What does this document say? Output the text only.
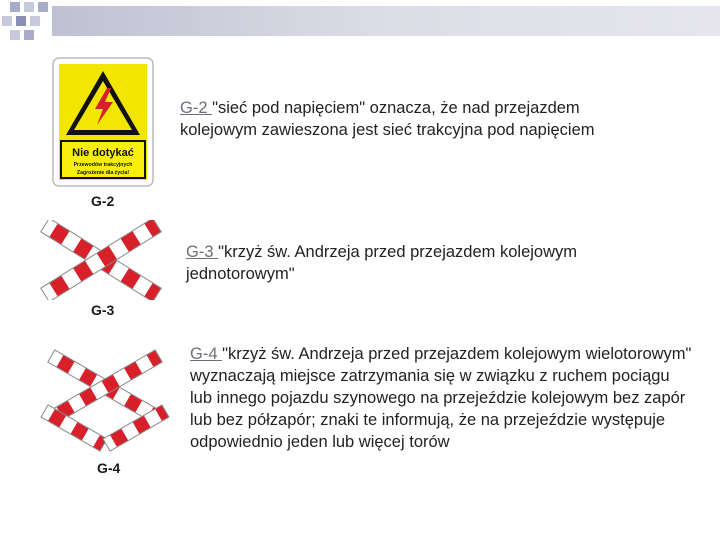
Nie dotykać
Przewodów trakcyjnych
Zagrożenie dla życia!
G-2
G-3
G-4
G-2 "sieć pod napięciem" oznacza, że nad przejazdem kolejowym zawieszona jest sieć trakcyjna pod napięciem
G-3 "krzyż św. Andrzeja przed przejazdem kolejowym jednotorowym"
G-4 "krzyż św. Andrzeja przed przejazdem kolejowym wielotorowym" wyznaczają miejsce zatrzymania się w związku z ruchem pociągu lub innego pojazdu szynowego na przejeździe kolejowym bez zapór lub bez półzapór; znaki te informują, że na przejeździe występuje odpowiednio jeden lub więcej torów
